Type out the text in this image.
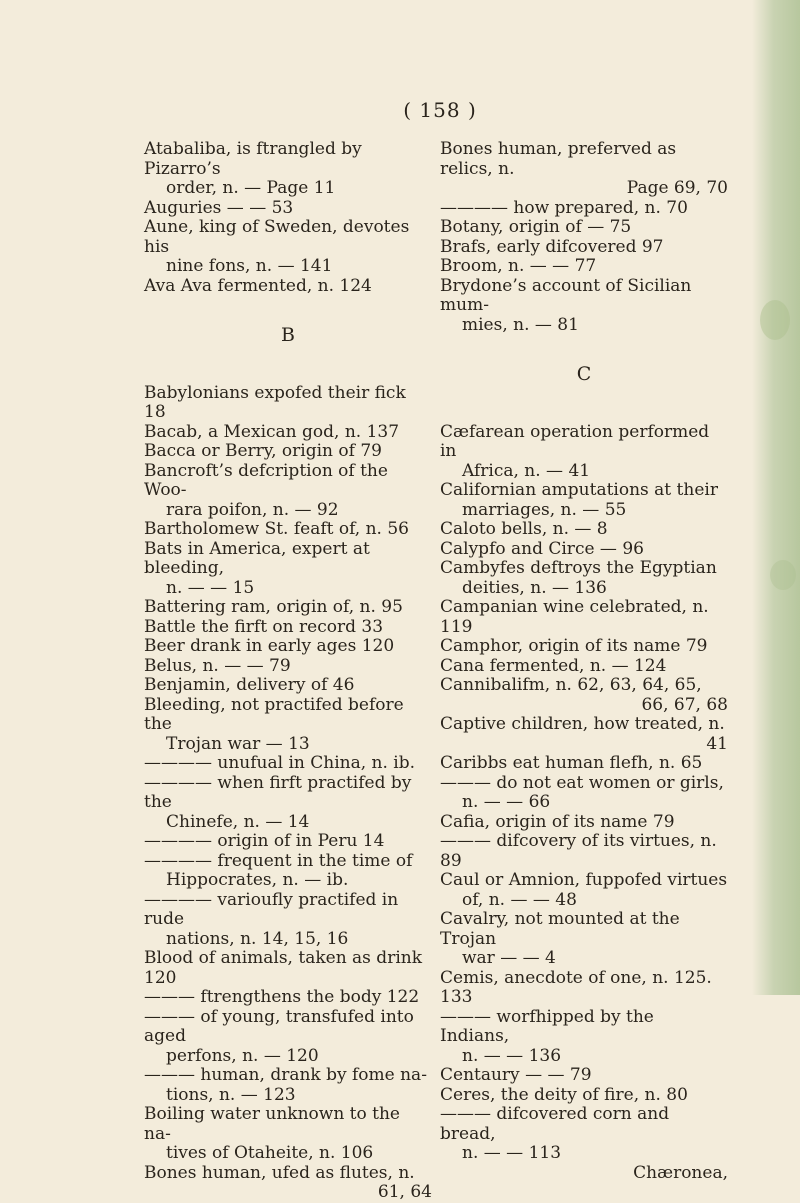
( 158 )
Atabaliba, is ftrangled by Pizarro’s
order, n. — Page 11
Auguries — — 53
Aune, king of Sweden, devotes his
nine fons, n. — 141
Ava Ava fermented, n. 124
B
Babylonians expofed their fick 18
Bacab, a Mexican god, n. 137
Bacca or Berry, origin of 79
Bancroft’s defcription of the Woo-
rara poifon, n. — 92
Bartholomew St. feaft of, n. 56
Bats in America, expert at bleeding,
n. — — 15
Battering ram, origin of, n. 95
Battle the firft on record 33
Beer drank in early ages 120
Belus, n. — — 79
Benjamin, delivery of 46
Bleeding, not practifed before the
Trojan war — 13
———— unufual in China, n. ib.
———— when firft practifed by the
Chinefe, n. — 14
———— origin of in Peru 14
———— frequent in the time of
Hippocrates, n. — ib.
———— varioufly practifed in rude
nations, n. 14, 15, 16
Blood of animals, taken as drink 120
——— ftrengthens the body 122
——— of young, transfufed into aged
perfons, n. — 120
——— human, drank by fome na-
tions, n. — 123
Boiling water unknown to the na-
tives of Otaheite, n. 106
Bones human, ufed as flutes, n.
61, 64
Bones human, preferved as relics, n.
Page 69, 70
———— how prepared, n. 70
Botany, origin of — 75
Brafs, early difcovered 97
Broom, n. — — 77
Brydone’s account of Sicilian mum-
mies, n. — 81
C
Cæfarean operation performed in
Africa, n. — 41
Californian amputations at their
marriages, n. — 55
Caloto bells, n. — 8
Calypfo and Circe — 96
Cambyfes deftroys the Egyptian
deities, n. — 136
Campanian wine celebrated, n. 119
Camphor, origin of its name 79
Cana fermented, n. — 124
Cannibalifm, n. 62, 63, 64, 65,
66, 67, 68
Captive children, how treated, n.
41
Caribbs eat human flefh, n. 65
——— do not eat women or girls,
n. — — 66
Cafia, origin of its name 79
——— difcovery of its virtues, n. 89
Caul or Amnion, fuppofed virtues
of, n. — — 48
Cavalry, not mounted at the Trojan
war — — 4
Cemis, anecdote of one, n. 125. 133
——— worfhipped by the Indians,
n. — — 136
Centaury — — 79
Ceres, the deity of fire, n. 80
——— difcovered corn and bread,
n. — — 113
Chæronea,
